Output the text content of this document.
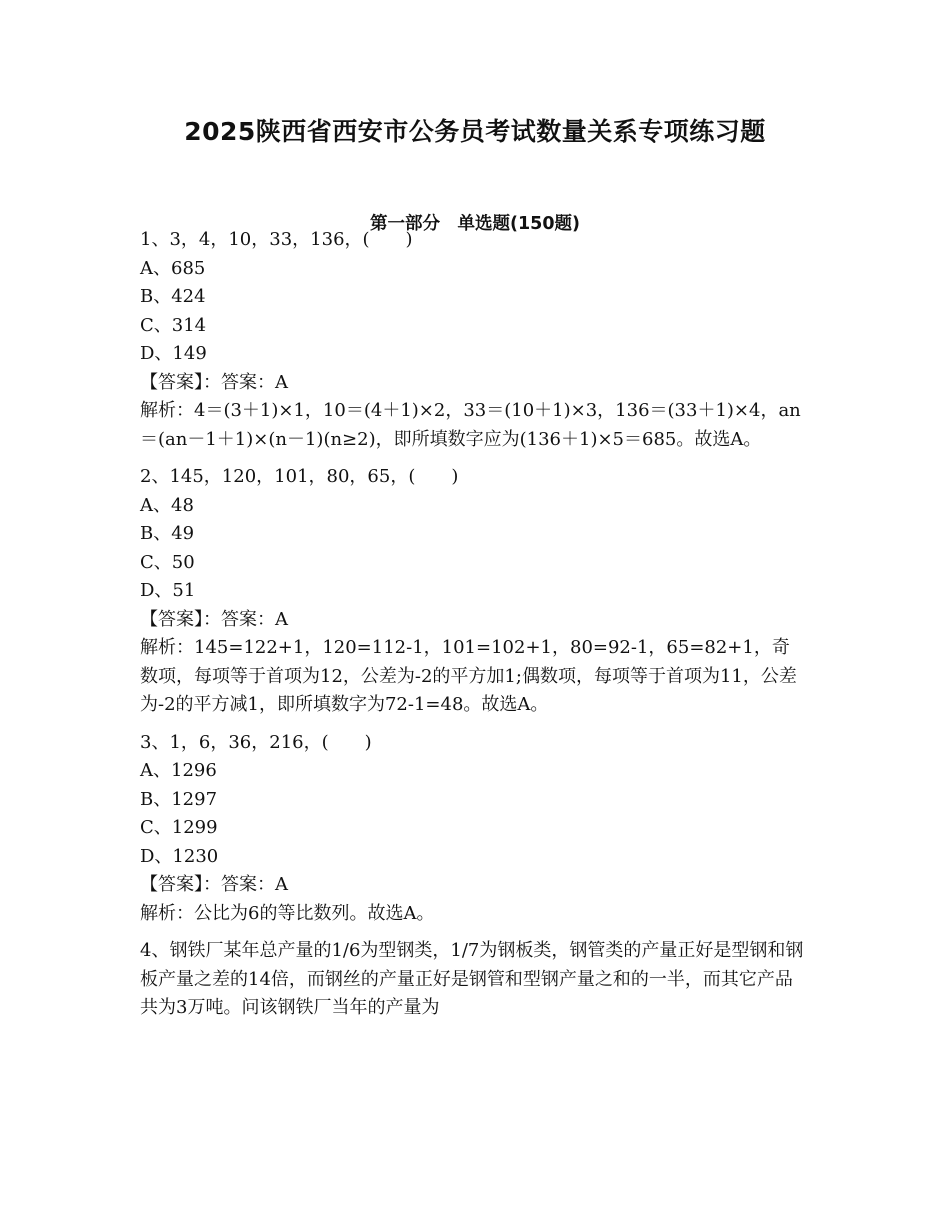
2025陕西省西安市公务员考试数量关系专项练习题
第一部分　单选题(150题)
1、3，4，10，33，136，(　　)
A、685
B、424
C、314
D、149
【答案】：答案：A
解析：4＝(3＋1)×1，10＝(4＋1)×2，33＝(10＋1)×3，136＝(33＋1)×4，an＝(an－1＋1)×(n－1)(n≥2)，即所填数字应为(136＋1)×5＝685。故选A。
2、145，120，101，80，65，(　　)
A、48
B、49
C、50
D、51
【答案】：答案：A
解析：145=122+1，120=112-1，101=102+1，80=92-1，65=82+1，奇数项，每项等于首项为12，公差为-2的平方加1;偶数项，每项等于首项为11，公差为-2的平方减1，即所填数字为72-1=48。故选A。
3、1，6，36，216，(　　)
A、1296
B、1297
C、1299
D、1230
【答案】：答案：A
解析：公比为6的等比数列。故选A。
4、钢铁厂某年总产量的1/6为型钢类，1/7为钢板类，钢管类的产量正好是型钢和钢板产量之差的14倍，而钢丝的产量正好是钢管和型钢产量之和的一半，而其它产品共为3万吨。问该钢铁厂当年的产量为
